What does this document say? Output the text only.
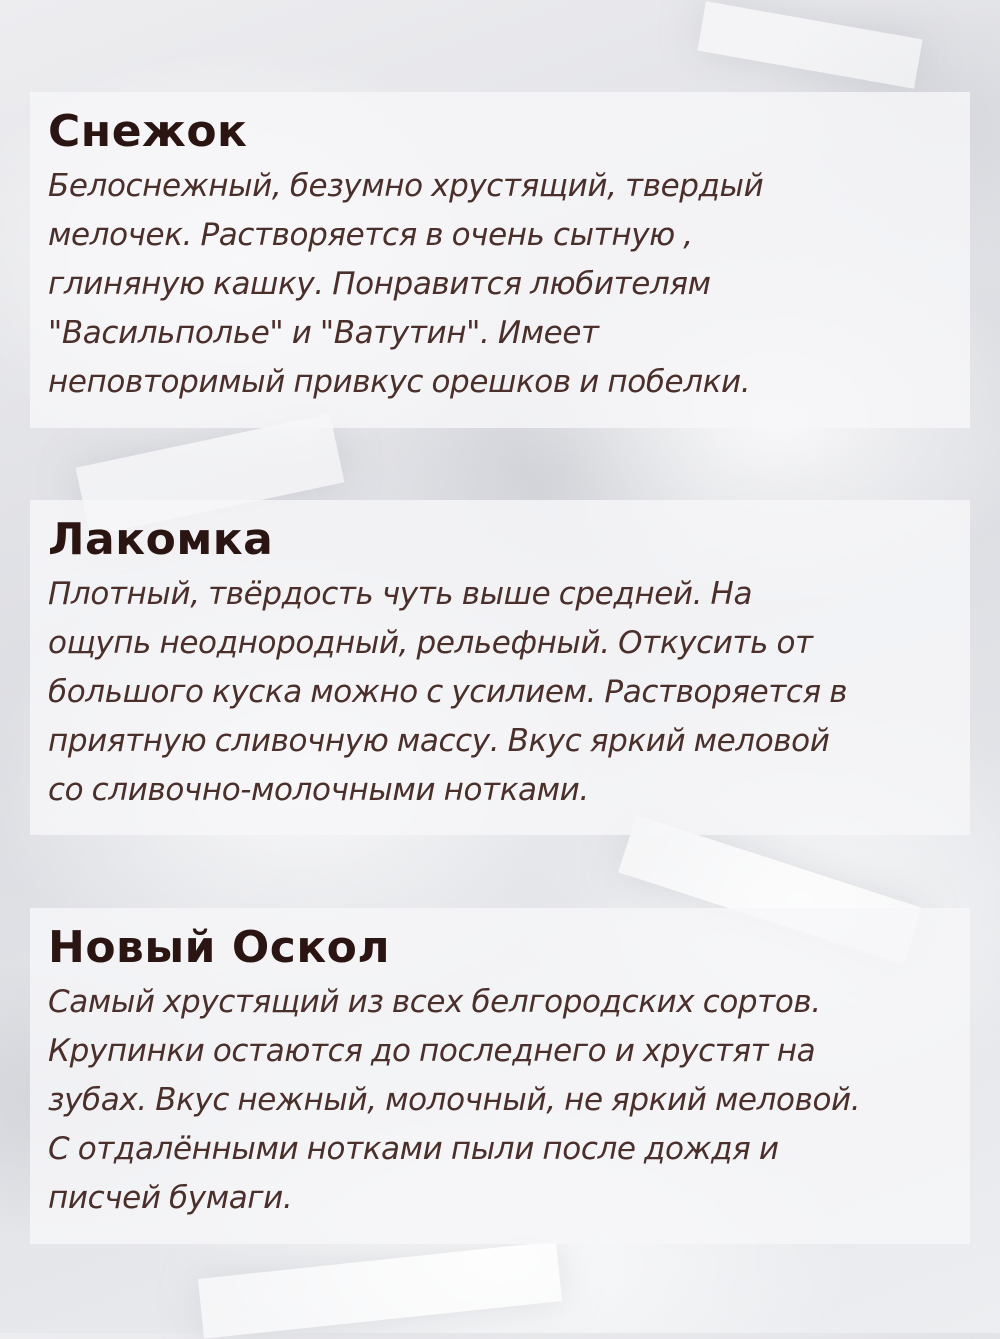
Снежок

Белоснежный, безумно хрустящий, твердый
мелочек. Растворяется в очень сытную ,
глиняную кашку. Понравится любителям
"Васильполье" и "Ватутин". Имеет
неповторимый привкус орешков и побелки.

Лакомка

Плотный, твёрдость чуть выше средней. На
ощупь неоднородный, рельефный. Откусить от
большого куска можно с усилием. Растворяется в
приятную сливочную массу. Вкус яркий меловой
со сливочно-молочными нотками.

Новый Оскол

Самый хрустящий из всех белгородских сортов.
Крупинки остаются до последнего и хрустят на
зубах. Вкус нежный, молочный, не яркий меловой.
С отдалёнными нотками пыли после дождя и
писчей бумаги.
